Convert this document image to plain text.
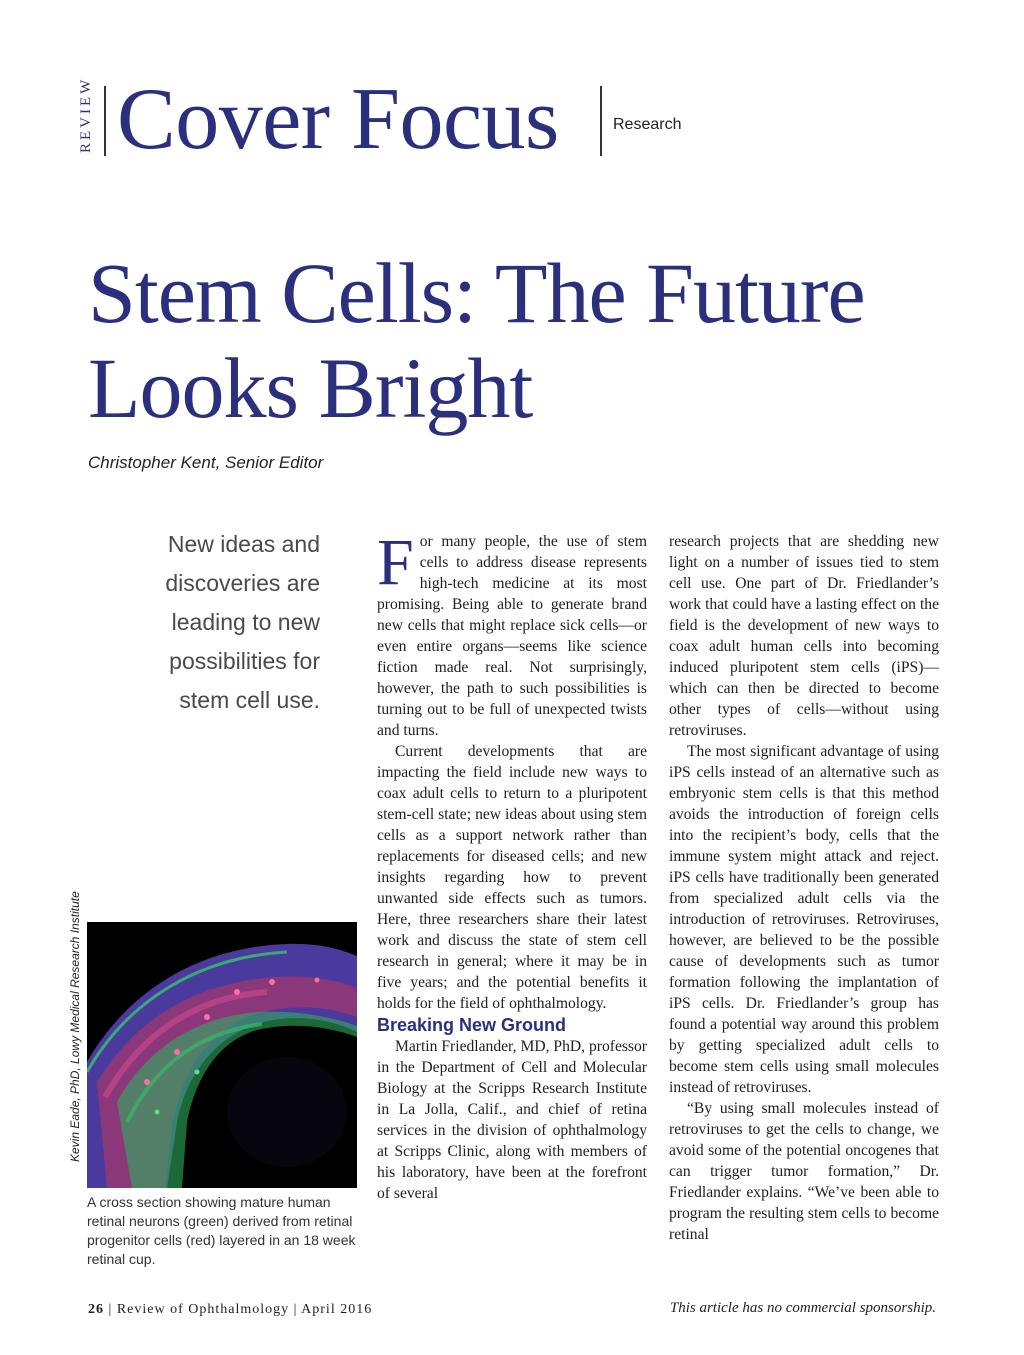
REVIEW Cover Focus	Research
Stem Cells: The Future
Looks Bright
Christopher Kent, Senior Editor
New ideas and discoveries are leading to new possibilities for stem cell use.
Kevin Eade, PhD, Lowy Medical Research Institute
A cross section showing mature human retinal neurons (green) derived from retinal progenitor cells (red) layered in an 18 week retinal cup.

For many people, the use of stem cells to address disease represents high-tech medicine at its most promising. Being able to generate brand new cells that might replace sick cells—or even entire organs—seems like science fiction made real. Not surprisingly, however, the path to such possibilities is turning out to be full of unexpected twists and turns.

Current developments that are impacting the field include new ways to coax adult cells to return to a pluripotent stem-cell state; new ideas about using stem cells as a support network rather than replacements for diseased cells; and new insights regarding how to prevent unwanted side effects such as tumors. Here, three researchers share their latest work and discuss the state of stem cell research in general; where it may be in five years; and the potential benefits it holds for the field of ophthalmology.

Breaking New Ground

Martin Friedlander, MD, PhD, professor in the Department of Cell and Molecular Biology at the Scripps Research Institute in La Jolla, Calif., and chief of retina services in the division of ophthalmology at Scripps Clinic, along with members of his laboratory, have been at the forefront of several

research projects that are shedding new light on a number of issues tied to stem cell use. One part of Dr. Friedlander’s work that could have a lasting effect on the field is the development of new ways to coax adult human cells into becoming induced pluripotent stem cells (iPS)—which can then be directed to become other types of cells—without using retroviruses.

The most significant advantage of using iPS cells instead of an alternative such as embryonic stem cells is that this method avoids the introduction of foreign cells into the recipient’s body, cells that the immune system might attack and reject. iPS cells have traditionally been generated from specialized adult cells via the introduction of retroviruses. Retroviruses, however, are believed to be the possible cause of developments such as tumor formation following the implantation of iPS cells. Dr. Friedlander’s group has found a potential way around this problem by getting specialized adult cells to become stem cells using small molecules instead of retroviruses.

“By using small molecules instead of retroviruses to get the cells to change, we avoid some of the potential oncogenes that can trigger tumor formation,” Dr. Friedlander explains. “We’ve been able to program the resulting stem cells to become retinal

26 | Review of Ophthalmology | April 2016	This article has no commercial sponsorship.
